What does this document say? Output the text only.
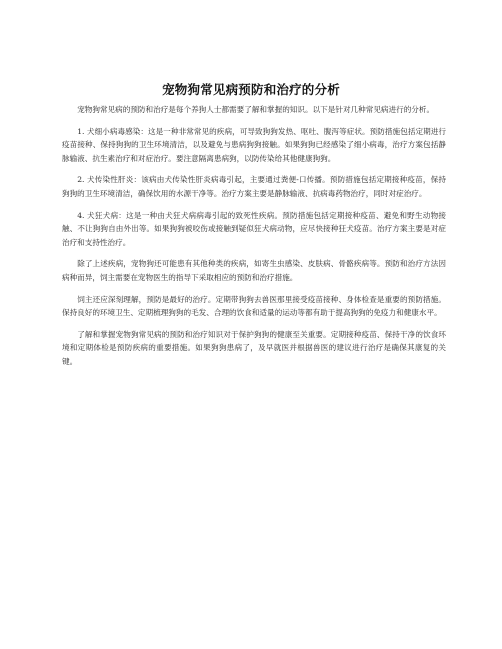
宠物狗常见病预防和治疗的分析

宠物狗常见病的预防和治疗是每个养狗人士都需要了解和掌握的知识。以下是针对几种常见病进行的分析。

1. 犬细小病毒感染：这是一种非常常见的疾病，可导致狗狗发热、呕吐、腹泻等症状。预防措施包括定期进行疫苗接种、保持狗狗的卫生环境清洁，以及避免与患病狗狗接触。如果狗狗已经感染了细小病毒，治疗方案包括静脉输液、抗生素治疗和对症治疗。要注意隔离患病狗，以防传染给其他健康狗狗。

2. 犬传染性肝炎：该病由犬传染性肝炎病毒引起，主要通过粪便-口传播。预防措施包括定期接种疫苗，保持狗狗的卫生环境清洁，确保饮用的水源干净等。治疗方案主要是静脉输液、抗病毒药物治疗，同时对症治疗。

4. 犬狂犬病：这是一种由犬狂犬病病毒引起的致死性疾病。预防措施包括定期接种疫苗、避免和野生动物接触、不让狗狗自由外出等。如果狗狗被咬伤或接触到疑似狂犬病动物，应尽快接种狂犬疫苗。治疗方案主要是对症治疗和支持性治疗。

除了上述疾病，宠物狗还可能患有其他种类的疾病，如寄生虫感染、皮肤病、骨骼疾病等。预防和治疗方法因病种而异，饲主需要在宠物医生的指导下采取相应的预防和治疗措施。

饲主还应深刻理解，预防是最好的治疗。定期带狗狗去兽医那里接受疫苗接种、身体检查是重要的预防措施。保持良好的环境卫生、定期梳理狗狗的毛发、合理的饮食和适量的运动等都有助于提高狗狗的免疫力和健康水平。

了解和掌握宠物狗常见病的预防和治疗知识对于保护狗狗的健康至关重要。定期接种疫苗、保持干净的饮食环境和定期体检是预防疾病的重要措施。如果狗狗患病了，及早就医并根据兽医的建议进行治疗是确保其康复的关键。
